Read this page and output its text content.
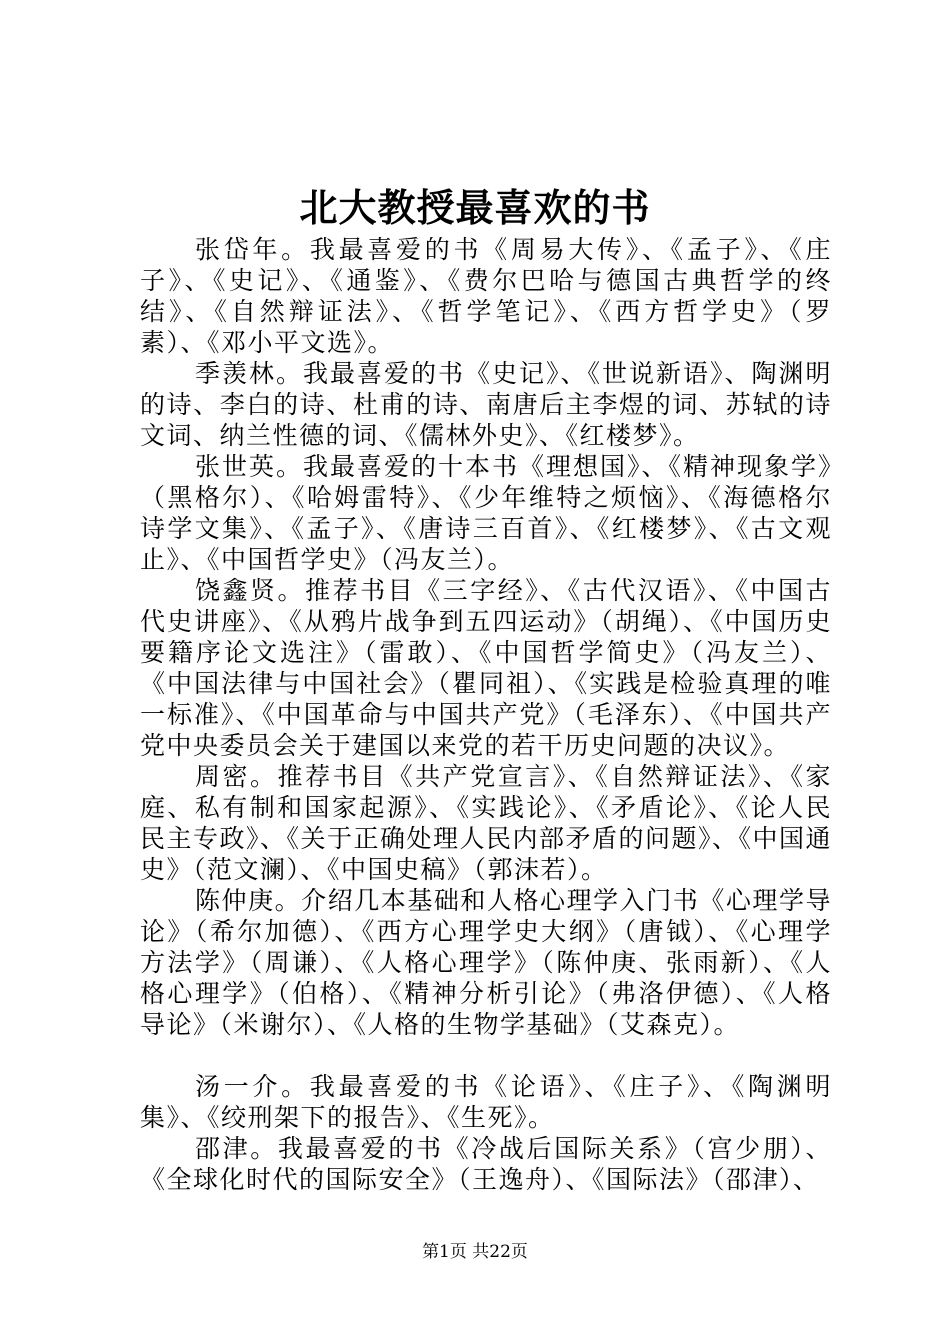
北大教授最喜欢的书

张岱年。我最喜爱的书《周易大传》、《孟子》、《庄子》、《史记》、《通鉴》、《费尔巴哈与德国古典哲学的终结》、《自然辩证法》、《哲学笔记》、《西方哲学史》（罗素）、《邓小平文选》。

季羡林。我最喜爱的书《史记》、《世说新语》、陶渊明的诗、李白的诗、杜甫的诗、南唐后主李煜的词、苏轼的诗文词、纳兰性德的词、《儒林外史》、《红楼梦》。

张世英。我最喜爱的十本书《理想国》、《精神现象学》（黑格尔）、《哈姆雷特》、《少年维特之烦恼》、《海德格尔诗学文集》、《孟子》、《唐诗三百首》、《红楼梦》、《古文观止》、《中国哲学史》（冯友兰）。

饶鑫贤。推荐书目《三字经》、《古代汉语》、《中国古代史讲座》、《从鸦片战争到五四运动》（胡绳）、《中国历史要籍序论文选注》（雷敢）、《中国哲学简史》（冯友兰）、《中国法律与中国社会》（瞿同祖）、《实践是检验真理的唯一标准》、《中国革命与中国共产党》（毛泽东）、《中国共产党中央委员会关于建国以来党的若干历史问题的决议》。

周密。推荐书目《共产党宣言》、《自然辩证法》、《家庭、私有制和国家起源》、《实践论》、《矛盾论》、《论人民民主专政》、《关于正确处理人民内部矛盾的问题》、《中国通史》（范文澜）、《中国史稿》（郭沫若）。

陈仲庚。介绍几本基础和人格心理学入门书《心理学导论》（希尔加德）、《西方心理学史大纲》（唐钺）、《心理学方法学》（周谦）、《人格心理学》（陈仲庚、张雨新）、《人格心理学》（伯格）、《精神分析引论》（弗洛伊德）、《人格导论》（米谢尔）、《人格的生物学基础》（艾森克）。

汤一介。我最喜爱的书《论语》、《庄子》、《陶渊明集》、《绞刑架下的报告》、《生死》。

邵津。我最喜爱的书《冷战后国际关系》（宫少朋）、《全球化时代的国际安全》（王逸舟）、《国际法》（邵津）、

第1页 共22页
